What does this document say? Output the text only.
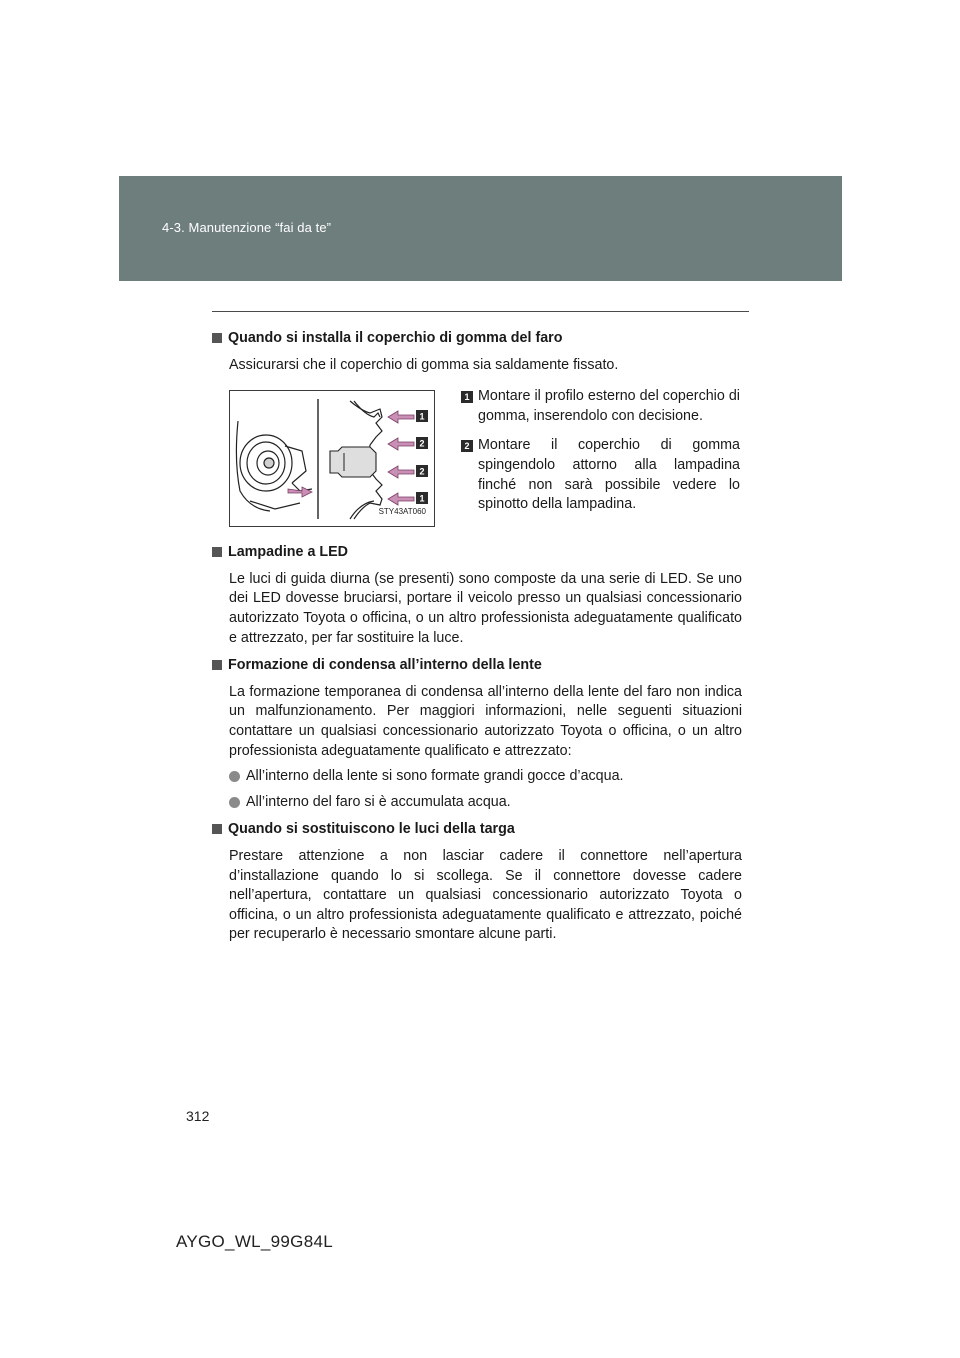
4-3. Manutenzione “fai da te”
Quando si installa il coperchio di gomma del faro

Assicurarsi che il coperchio di gomma sia saldamente fissato.

1
2
2
1
STY43AT060
1 Montare il profilo esterno del coperchio di gomma, inserendolo con decisione.
2 Montare il coperchio di gomma spingendolo attorno alla lampadina finché non sarà possibile vedere lo spinotto della lampadina.
Lampadine a LED

Le luci di guida diurna (se presenti) sono composte da una serie di LED. Se uno dei LED dovesse bruciarsi, portare il veicolo presso un qualsiasi concessionario autorizzato Toyota o officina, o un altro professionista adeguatamente qualificato e attrezzato, per far sostituire la luce.

Formazione di condensa all’interno della lente

La formazione temporanea di condensa all’interno della lente del faro non indica un malfunzionamento. Per maggiori informazioni, nelle seguenti situazioni contattare un qualsiasi concessionario autorizzato Toyota o officina, o un altro professionista adeguatamente qualificato e attrezzato:

All’interno della lente si sono formate grandi gocce d’acqua.
All’interno del faro si è accumulata acqua.
Quando si sostituiscono le luci della targa

Prestare attenzione a non lasciar cadere il connettore nell’apertura d’installazione quando lo si scollega. Se il connettore dovesse cadere nell’apertura, contattare un qualsiasi concessionario autorizzato Toyota o officina, o un altro professionista adeguatamente qualificato e attrezzato, poiché per recuperarlo è necessario smontare alcune parti.

312
AYGO_WL_99G84L
